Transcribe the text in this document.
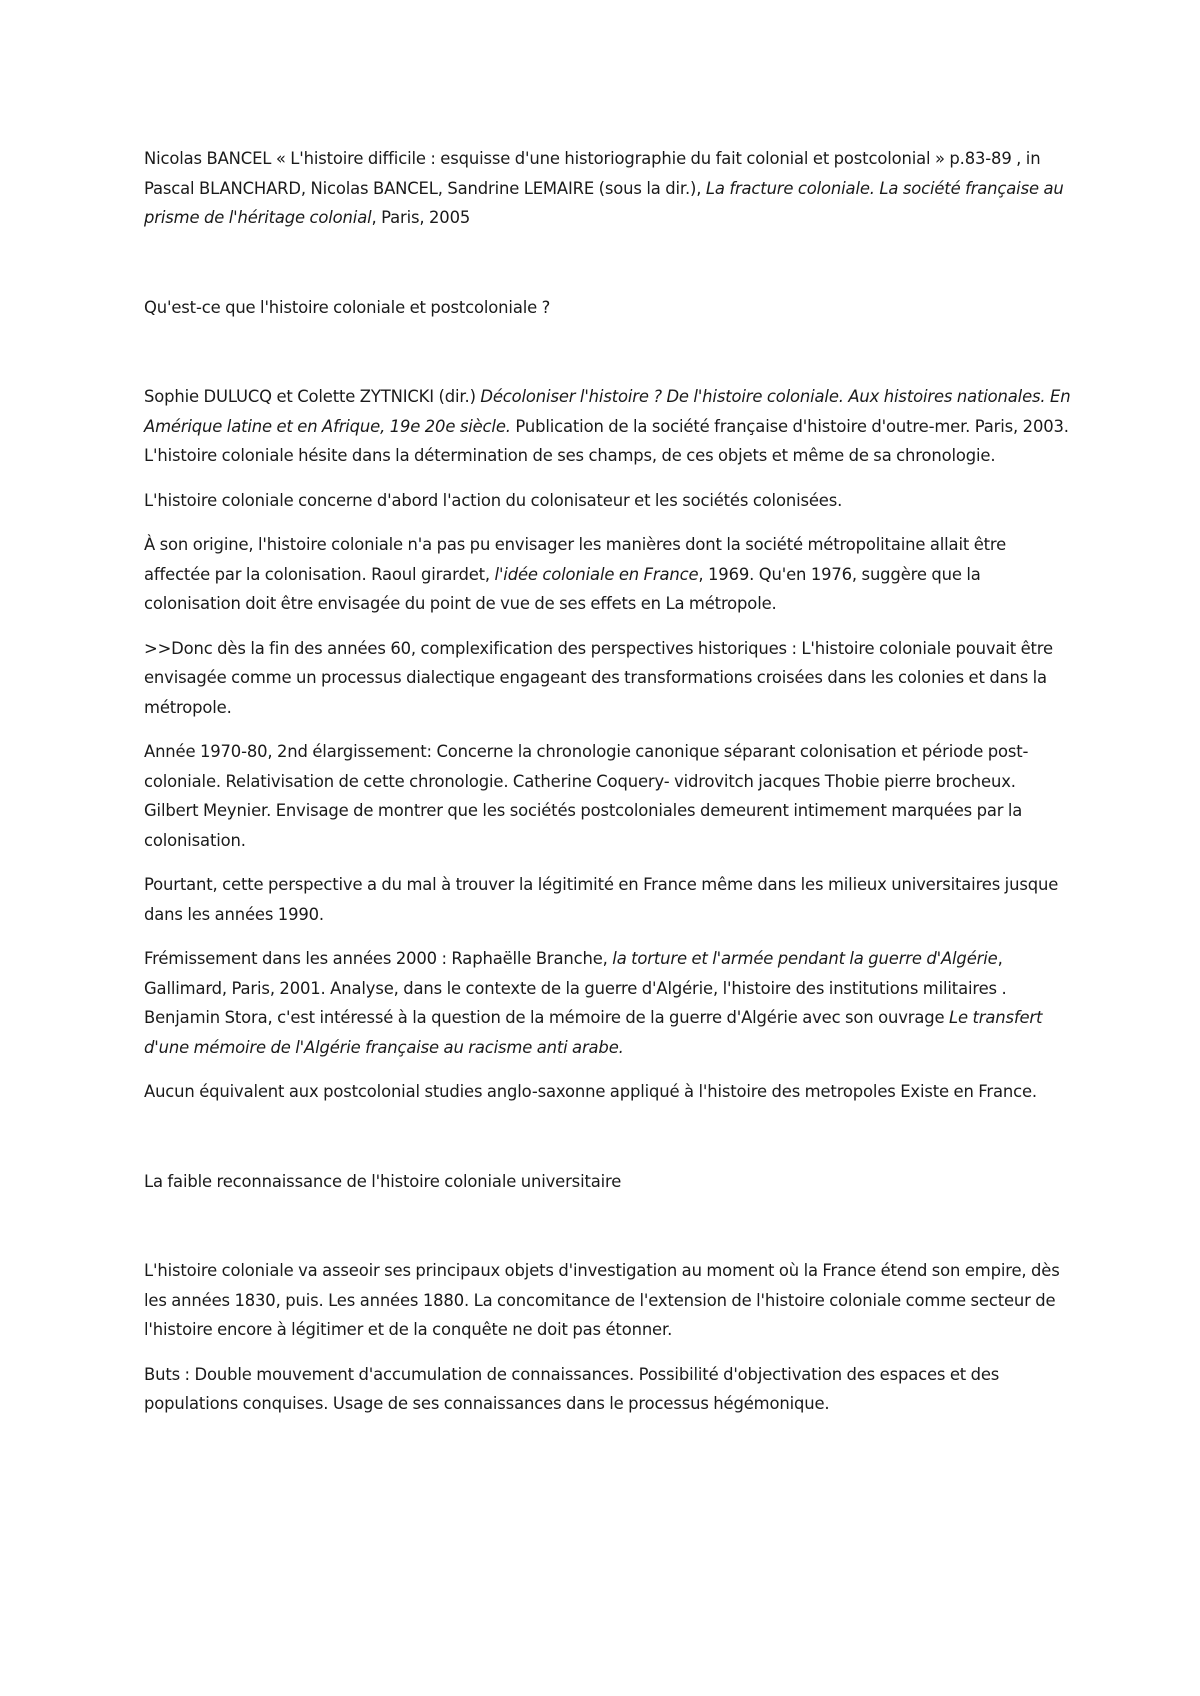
Nicolas BANCEL « L'histoire difficile : esquisse d'une historiographie du fait colonial et postcolonial » p.83-89 , in Pascal BLANCHARD, Nicolas BANCEL, Sandrine LEMAIRE (sous la dir.), La fracture coloniale. La société française au prisme de l'héritage colonial, Paris, 2005

Qu'est-ce que l'histoire coloniale et postcoloniale ?

Sophie DULUCQ et Colette ZYTNICKI (dir.) Décoloniser l'histoire ? De l'histoire coloniale. Aux histoires nationales. En Amérique latine et en Afrique, 19e 20e siècle. Publication de la société française d'histoire d'outre-mer. Paris, 2003. L'histoire coloniale hésite dans la détermination de ses champs, de ces objets et même de sa chronologie.

L'histoire coloniale concerne d'abord l'action du colonisateur et les sociétés colonisées.

À son origine, l'histoire coloniale n'a pas pu envisager les manières dont la société métropolitaine allait être affectée par la colonisation. Raoul girardet, l'idée coloniale en France, 1969. Qu'en 1976, suggère que la colonisation doit être envisagée du point de vue de ses effets en La métropole.

>>Donc dès la fin des années 60, complexification des perspectives historiques : L'histoire coloniale pouvait être envisagée comme un processus dialectique engageant des transformations croisées dans les colonies et dans la métropole.

Année 1970-80, 2nd élargissement: Concerne la chronologie canonique séparant colonisation et période post-coloniale. Relativisation de cette chronologie. Catherine Coquery- vidrovitch jacques Thobie pierre brocheux. Gilbert Meynier. Envisage de montrer que les sociétés postcoloniales demeurent intimement marquées par la colonisation.

Pourtant, cette perspective a du mal à trouver la légitimité en France même dans les milieux universitaires jusque dans les années 1990.

Frémissement dans les années 2000 : Raphaëlle Branche, la torture et l'armée pendant la guerre d'Algérie, Gallimard, Paris, 2001. Analyse, dans le contexte de la guerre d'Algérie, l'histoire des institutions militaires . Benjamin Stora, c'est intéressé à la question de la mémoire de la guerre d'Algérie avec son ouvrage Le transfert d'une mémoire de l'Algérie française au racisme anti arabe.

Aucun équivalent aux postcolonial studies anglo-saxonne appliqué à l'histoire des metropoles Existe en France.

La faible reconnaissance de l'histoire coloniale universitaire

L'histoire coloniale va asseoir ses principaux objets d'investigation au moment où la France étend son empire, dès les années 1830, puis. Les années 1880. La concomitance de l'extension de l'histoire coloniale comme secteur de l'histoire encore à légitimer et de la conquête ne doit pas étonner.

Buts : Double mouvement d'accumulation de connaissances. Possibilité d'objectivation des espaces et des populations conquises. Usage de ses connaissances dans le processus hégémonique.
